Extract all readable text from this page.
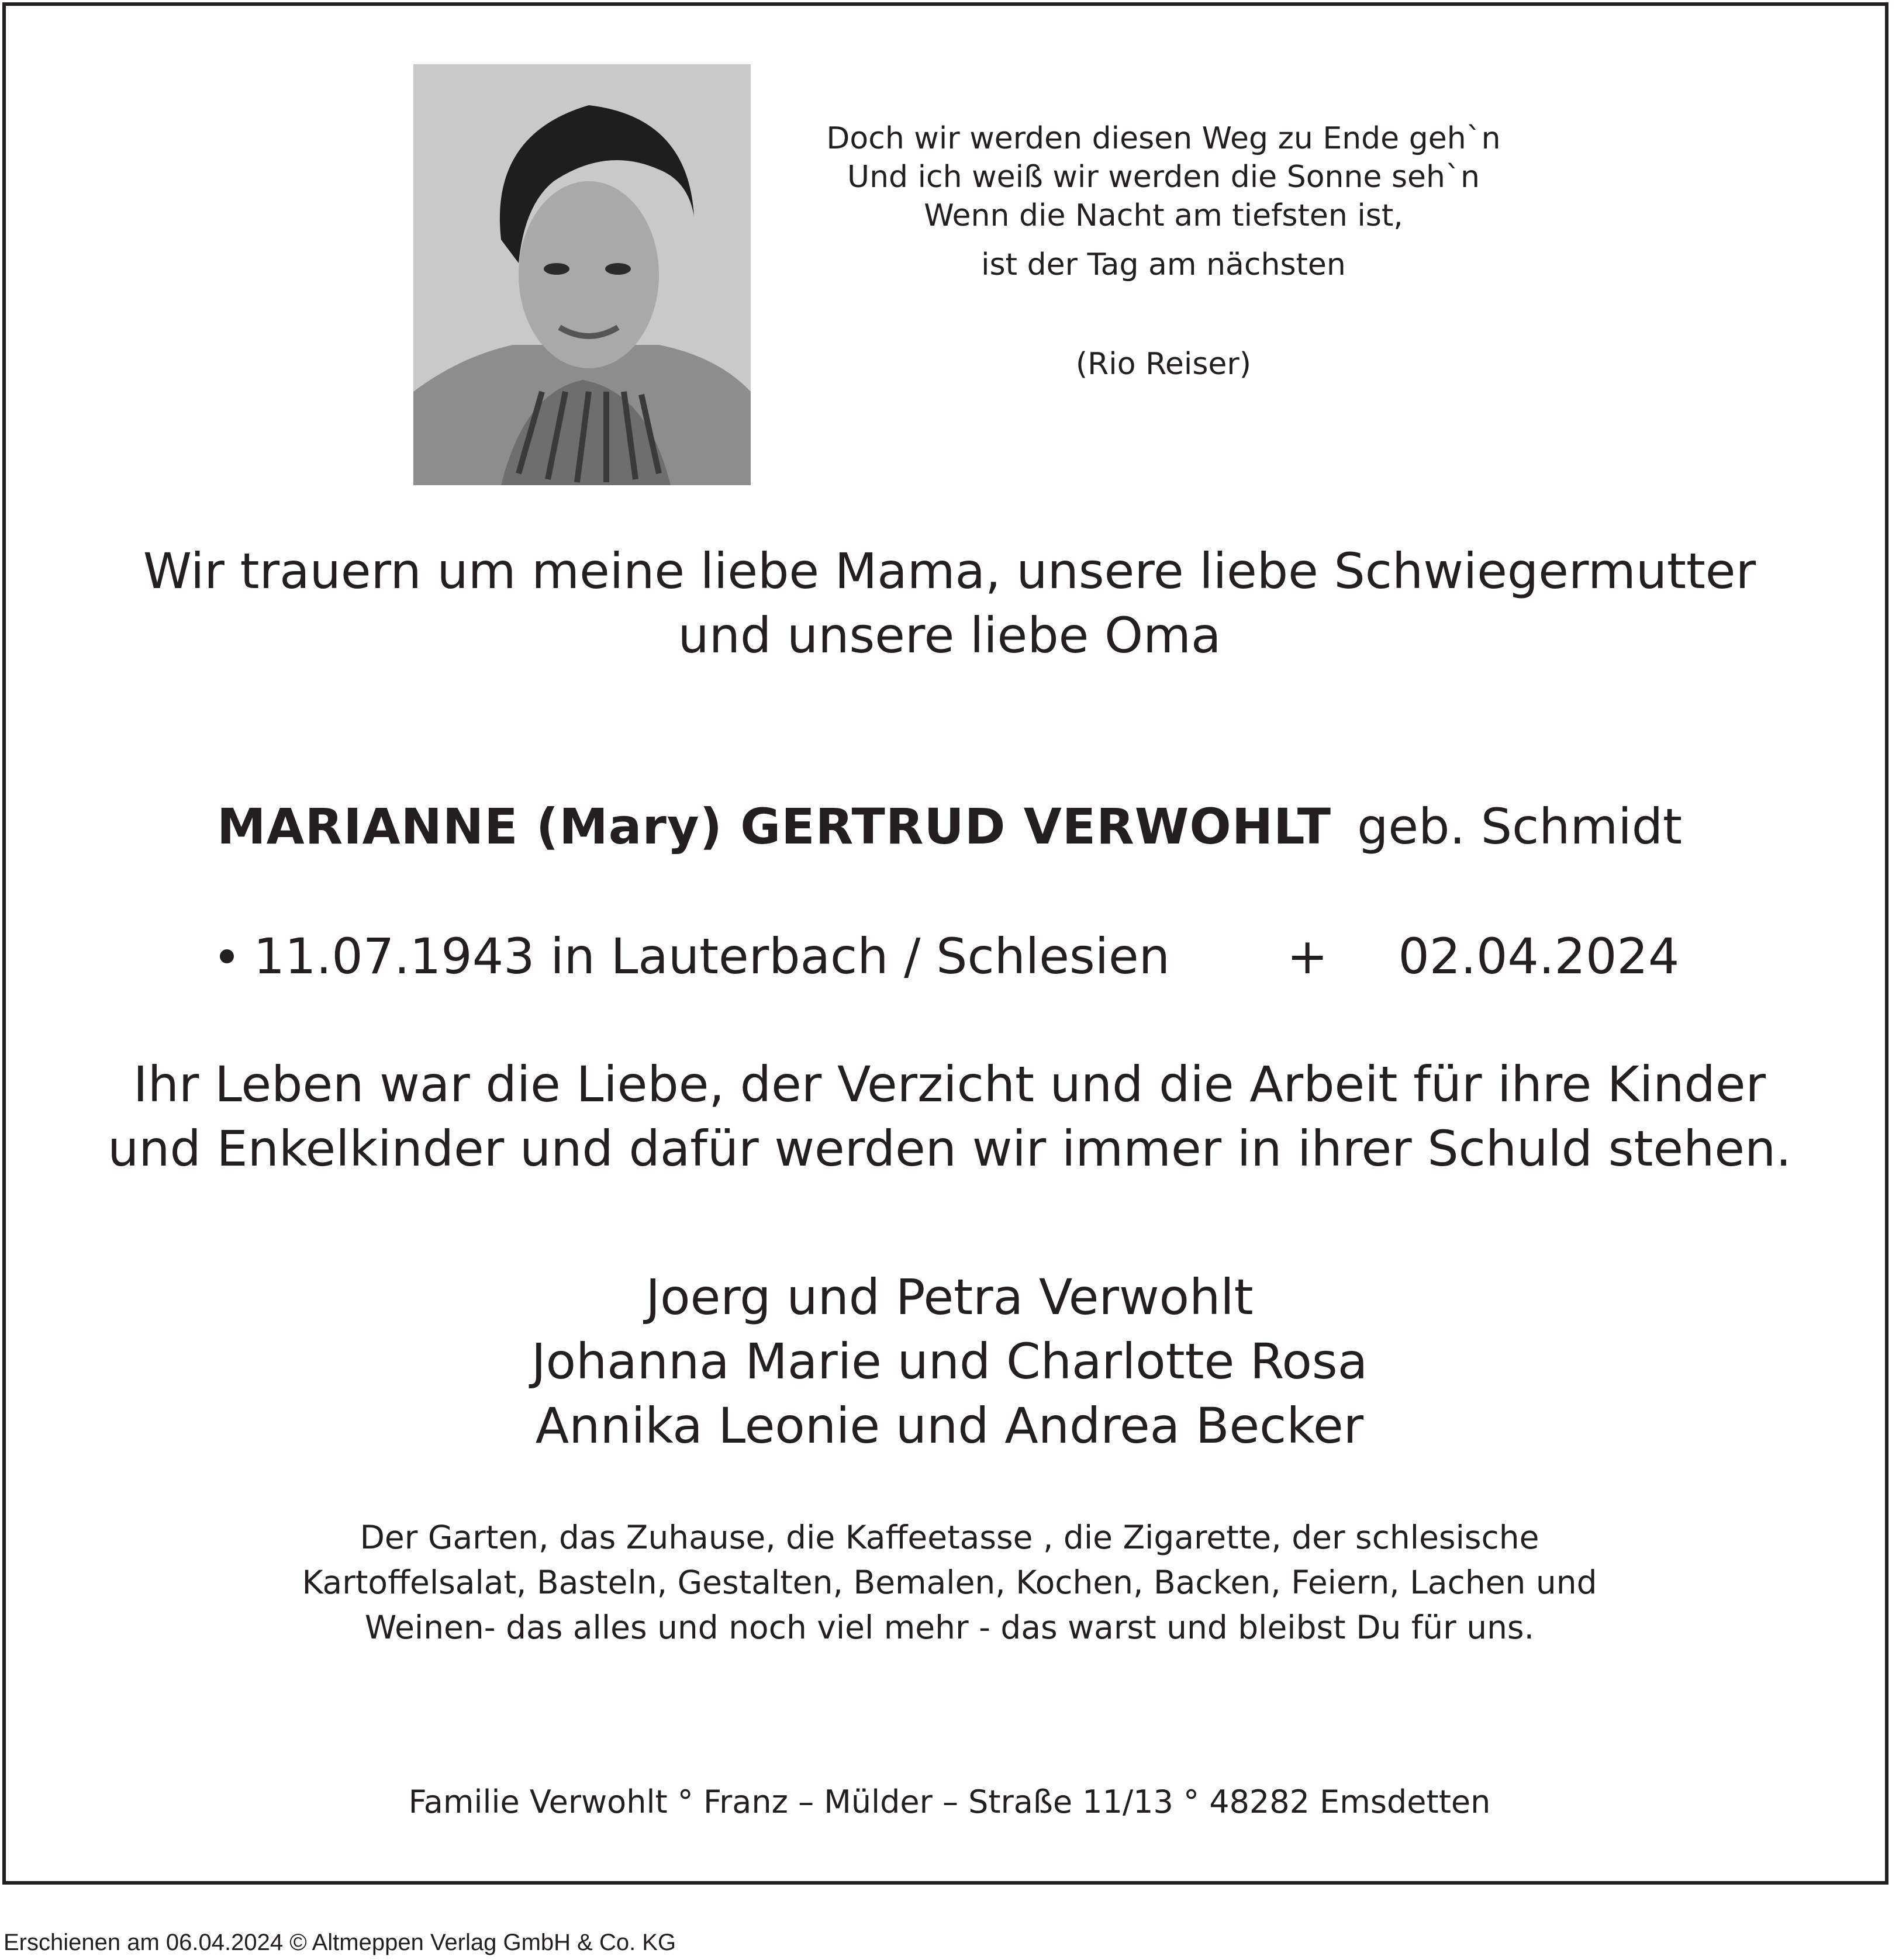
Doch wir werden diesen Weg zu Ende geh`n
Und ich weiß wir werden die Sonne seh`n
Wenn die Nacht am tiefsten ist,
ist der Tag am nächsten
(Rio Reiser)
Wir trauern um meine liebe Mama, unsere liebe Schwiegermutter
und unsere liebe Oma
MARIANNE (Mary) GERTRUD VERWOHLT geb. Schmidt
11.07.1943 in Lauterbach / Schlesien + 02.04.2024
Ihr Leben war die Liebe, der Verzicht und die Arbeit für ihre Kinder
und Enkelkinder und dafür werden wir immer in ihrer Schuld stehen.
Joerg und Petra Verwohlt
Johanna Marie und Charlotte Rosa
Annika Leonie und Andrea Becker
Der Garten, das Zuhause, die Kaffeetasse , die Zigarette, der schlesische
Kartoffelsalat, Basteln, Gestalten, Bemalen, Kochen, Backen, Feiern, Lachen und
Weinen- das alles und noch viel mehr - das warst und bleibst Du für uns.
Familie Verwohlt ° Franz – Mülder – Straße 11/13 ° 48282 Emsdetten
Erschienen am 06.04.2024 © Altmeppen Verlag GmbH & Co. KG
